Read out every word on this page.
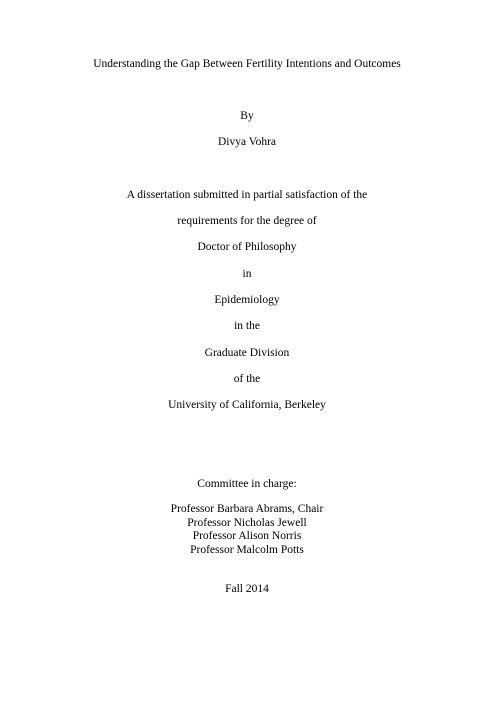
Understanding the Gap Between Fertility Intentions and Outcomes
By
Divya Vohra
A dissertation submitted in partial satisfaction of the
requirements for the degree of
Doctor of Philosophy
in
Epidemiology
in the
Graduate Division
of the
University of California, Berkeley
Committee in charge:
Professor Barbara Abrams, Chair
Professor Nicholas Jewell
Professor Alison Norris
Professor Malcolm Potts
Fall 2014
